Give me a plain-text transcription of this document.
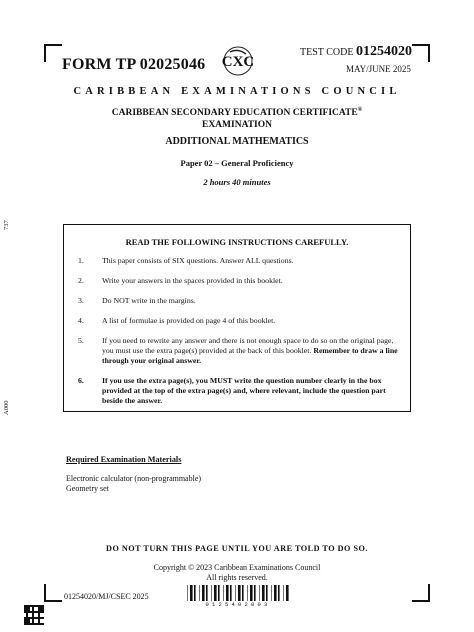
FORM TP 02025046 CXC
TEST CODE 01254020
MAY/JUNE 2025
CARIBBEAN EXAMINATIONS COUNCIL
CARIBBEAN SECONDARY EDUCATION CERTIFICATE®
EXAMINATION
ADDITIONAL MATHEMATICS
Paper 02 – General Proficiency
2 hours 40 minutes
737
A000
READ THE FOLLOWING INSTRUCTIONS CAREFULLY.
1.	This paper consists of SIX questions. Answer ALL questions.
2.	Write your answers in the spaces provided in this booklet.
3.	Do NOT write in the margins.
4.	A list of formulae is provided on page 4 of this booklet.
5.	If you need to rewrite any answer and there is not enough space to do so on the original page, you must use the extra page(s) provided at the back of this booklet. Remember to draw a line through your original answer.
6.	If you use the extra page(s), you MUST write the question number clearly in the box provided at the top of the extra page(s) and, where relevant, include the question part beside the answer.
Required Examination Materials
Electronic calculator (non-programmable)
Geometry set
DO NOT TURN THIS PAGE UNTIL YOU ARE TOLD TO DO SO.
Copyright © 2023 Caribbean Examinations Council
All rights reserved.
01254020/MJ/CSEC 2025
0125402003
